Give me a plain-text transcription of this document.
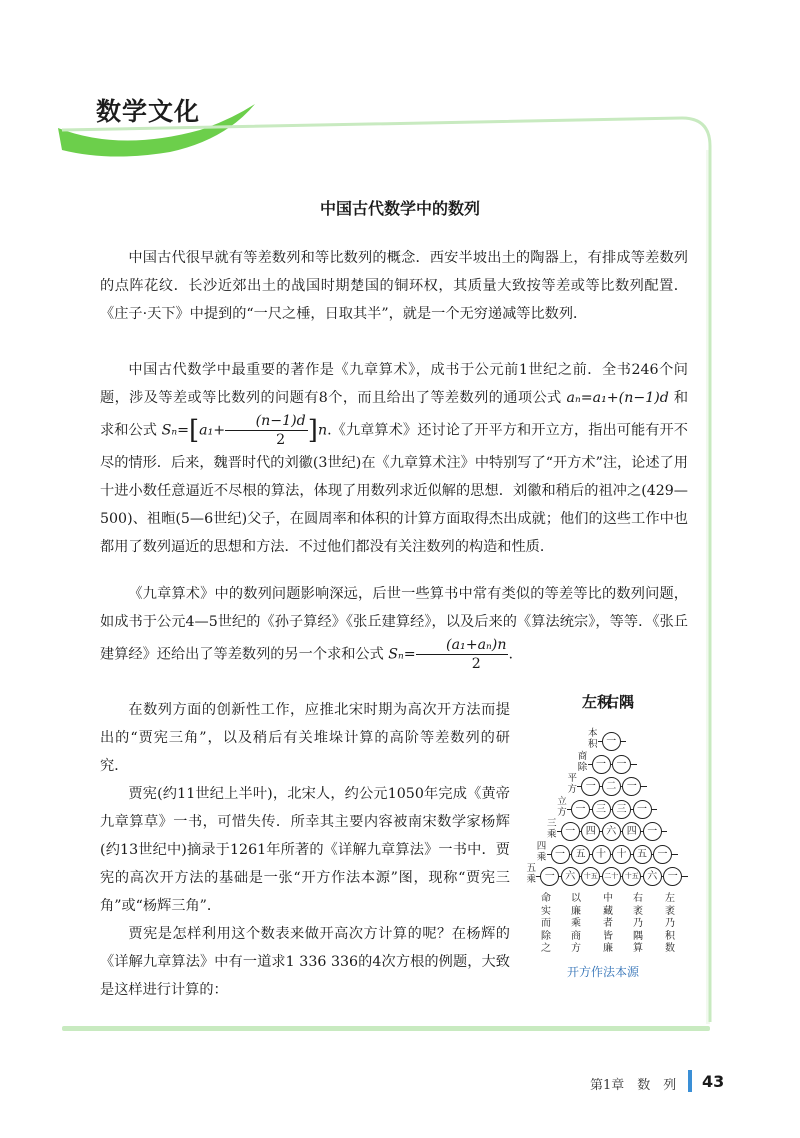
数学文化
中国古代数学中的数列

中国古代很早就有等差数列和等比数列的概念．西安半坡出土的陶器上，有排成等差数列的点阵花纹．长沙近郊出土的战国时期楚国的铜环权，其质量大致按等差或等比数列配置．《庄子·天下》中提到的“一尺之棰，日取其半”，就是一个无穷递减等比数列．

中国古代数学中最重要的著作是《九章算术》，成书于公元前1世纪之前．全书246个问题，涉及等差或等比数列的问题有8个，而且给出了等差数列的通项公式 aₙ=a₁+(n−1)d 和求和公式 $S_n=[a_1+ \frac{(n-1)d}{2} ]n$.《九章算术》还讨论了开平方和开立方，指出可能有开不尽的情形．后来，魏晋时代的刘徽(3世纪)在《九章算术注》中特别写了“开方术”注，论述了用十进小数任意逼近不尽根的算法，体现了用数列求近似解的思想．刘徽和稍后的祖冲之(429—500)、祖暅(5—6世纪)父子，在圆周率和体积的计算方面取得杰出成就；他们的这些工作中也都用了数列逼近的思想和方法．不过他们都没有关注数列的构造和性质．

《九章算术》中的数列问题影响深远，后世一些算书中常有类似的等差等比的数列问题，如成书于公元4—5世纪的《孙子算经》《张丘建算经》，以及后来的《算法统宗》，等等．《张丘建算经》还给出了等差数列的另一个求和公式 $S_n= \frac{\text{(a₁+aₙ)n}}{2}$ .

在数列方面的创新性工作，应推北宋时期为高次开方法而提出的“贾宪三角”，以及稍后有关堆垛计算的高阶等差数列的研究．

贾宪(约11世纪上半叶)，北宋人，约公元1050年完成《黄帝九章算草》一书，可惜失传．所幸其主要内容被南宋数学家杨辉(约13世纪中)摘录于1261年所著的《详解九章算法》一书中．贾宪的高次开方法的基础是一张“开方作法本源”图，现称“贾宪三角”或“杨辉三角”．

贾宪是怎样利用这个数表来做开高次方计算的呢？在杨辉的《详解九章算法》中有一道求1 336 336的4次方根的例题，大致是这样进行计算的：

左积
右隅
本积 一
商除 一	一
平方 一	二	一
立方 一	三	三	一
三乘 一	四	六	四	一
四乘 一	五	十	十	五	一
五乘 一	六	十五 二十 十五 六	一
命实而除之
以廉乘商方
中藏者皆廉
右袤乃隅算
左袤乃积数
开方作法本源
第1章　数　列 43
